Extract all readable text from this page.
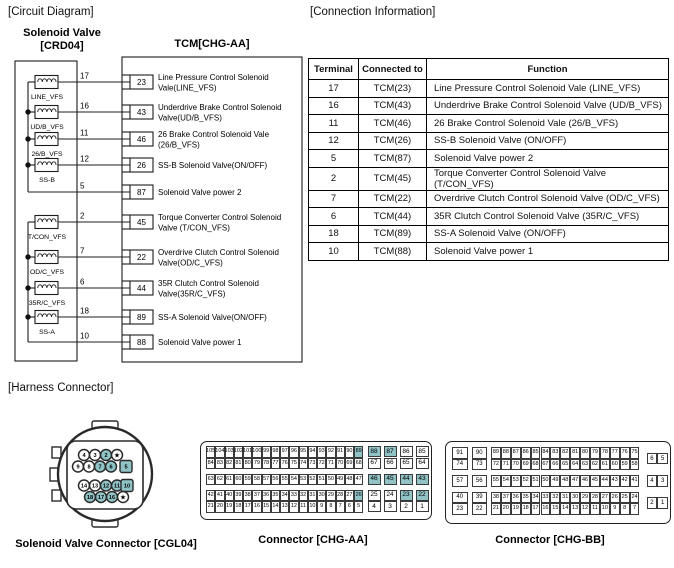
[Circuit Diagram]	[Connection Information]
[Harness Connector]
Solenoid Valve
[CRD04]	TCM[CHG-AA]
LINE_VFS
17
23
Line Pressure Control Solenoid
Vale(LINE_VFS)
UD/B_VFS
16
43
Underdrive Brake Control Solenoid
Valve(UD/B_VFS)
26/B_VFS
11
46
26 Brake Control Solenoid Vale
(26/B_VFS)
SS-B
12
26 SS-B Solenoid Valve(ON/OFF)
5
87 Solenoid Valve power 2
T/CON_VFS
2
45
Torque Converter Control Solenoid
Valve (T/CON_VFS)
OD/C_VFS
7
22
Overdrive Clutch Control Solenoid
Valve(OD/C_VFS)
35R/C_VFS
6
44
35R Clutch Control Solenoid
Valve(35R/C_VFS)
SS-A
18
89 SS-A Solenoid Valve(ON/OFF)
10
88 Solenoid Valve power 1
Terminal	Connected to	Function
17	TCM(23)	Line Pressure Control Solenoid Vale (LINE_VFS)
16	TCM(43)	Underdrive Brake Control Solenoid Valve (UD/B_VFS)
11	TCM(46)	26 Brake Control Solenoid Vale (26/B_VFS)
12	TCM(26)	SS-B Solenoid Valve (ON/OFF)
5	TCM(87)	Solenoid Valve power 2
2	TCM(45)	Torque Converter Control Solenoid Valve (T/CON_VFS)
7	TCM(22)	Overdrive Clutch Control Solenoid Valve (OD/C_VFS)
6	TCM(44)	35R Clutch Control Solenoid Valve (35R/C_VFS)
18	TCM(89)	SS-A Solenoid Valve (ON/OFF)
10	TCM(88)	Solenoid Valve power 1
4 3 2 ★
9 8 7 6 5
14 13 12 11 10
18 17 16 ★
Solenoid Valve Connector [CGL04]
105 104 103 102 101 100 99 98 97 96 95 94 93 92 91 90 89	88	87	86	85
84 83 82 81 80 79 78 77 76 75 74 73 72 71 70 69 68	67	66	65	64
63 62 61 60 59 58 57 56 55 54 53 52 51 50 49 48 47	46	45	44	43
42 41 40 39 38 37 36 35 34 33 32 31 30 29 28 27 26	25	24	23	22
21 20 19 18 17 16 15 14 13 12 11 10 9	8	7	6	5	4	3	2	1
Connector [CHG-AA]
91	90	89 88 87 86 85 84 83 82 81 80 79 78 77 76 75
74	73	72 71 70 69 68 67 66 65 64 63 62 61 60 59 58
57	56	55 54 53 52 51 50 49 48 47 46 45 44 43 42 41
40	39	38 37 36 35 34 33 32 31 30 29 28 27 26 25 24
23	22	21 20 19 18 17 16 15 14 13 12 11 10 9	8	7
6	5
4	3
2	1
Connector [CHG-BB]
